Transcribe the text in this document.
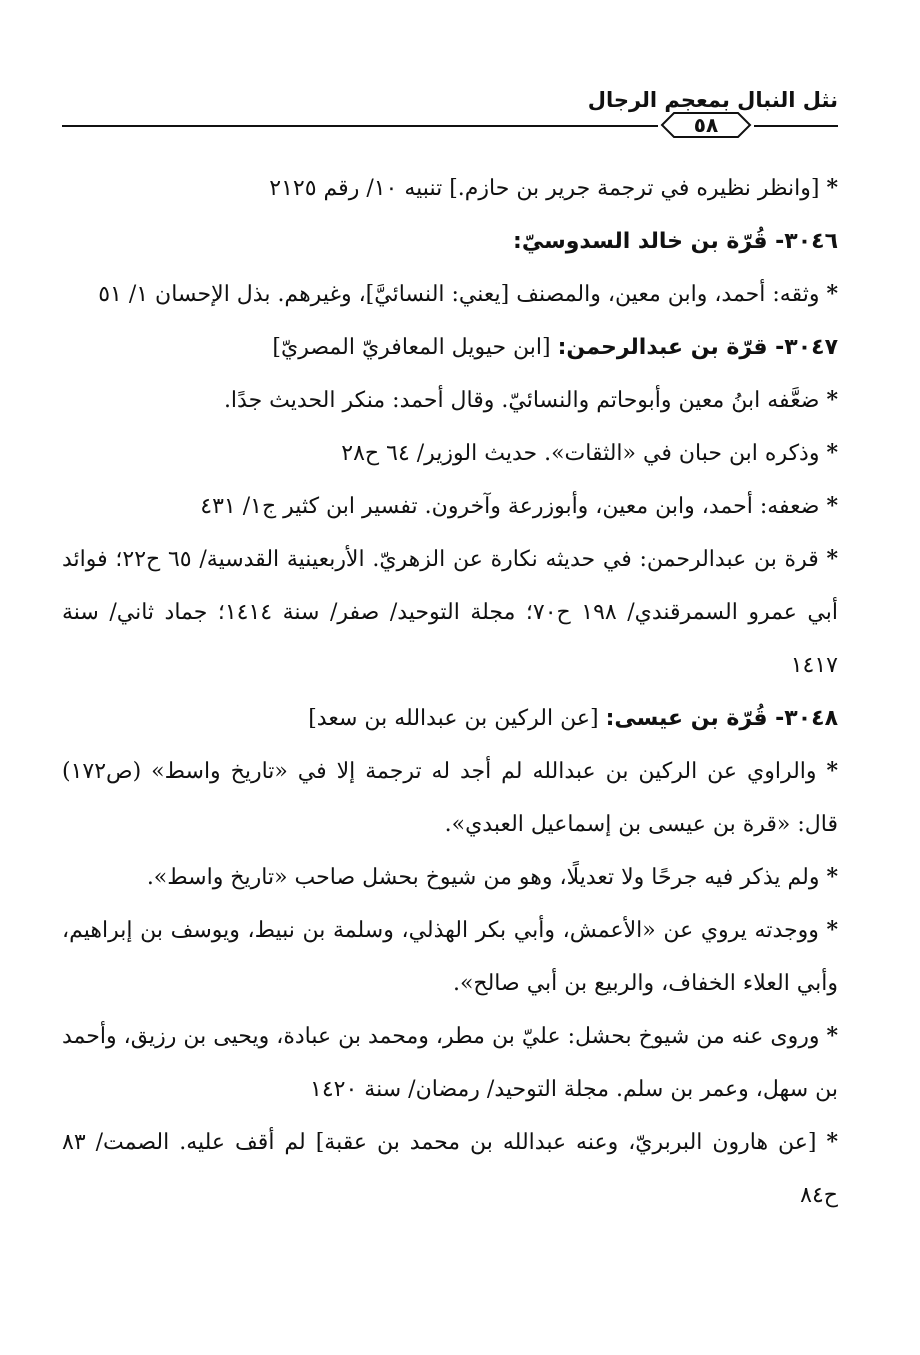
٥٨
نثل النبال بمعجم الرجال

* [وانظر نظيره في ترجمة جرير بن حازم.] تنبيه ١٠/ رقم ٢١٢٥

٣٠٤٦- قُرّة بن خالد السدوسيّ:

* وثقه: أحمد، وابن معين، والمصنف [يعني: النسائيَّ]، وغيرهم. بذل الإحسان ١/ ٥١

٣٠٤٧- قرّة بن عبدالرحمن: [ابن حيويل المعافريّ المصريّ]

* ضعَّفه ابنُ معين وأبوحاتم والنسائيّ. وقال أحمد: منكر الحديث جدًا.

* وذكره ابن حبان في «الثقات». حديث الوزير/ ٦٤ ح٢٨

* ضعفه: أحمد، وابن معين، وأبوزرعة وآخرون. تفسير ابن كثير ج١/ ٤٣١

* قرة بن عبدالرحمن: في حديثه نكارة عن الزهريّ. الأربعينية القدسية/ ٦٥ ح٢٢؛ فوائد أبي عمرو السمرقندي/ ١٩٨ ح٧٠؛ مجلة التوحيد/ صفر/ سنة ١٤١٤؛ جماد ثاني/ سنة ١٤١٧

٣٠٤٨- قُرّة بن عيسى: [عن الركين بن عبدالله بن سعد]

* والراوي عن الركين بن عبدالله لم أجد له ترجمة إلا في «تاريخ واسط» (ص١٧٢) قال: «قرة بن عيسى بن إسماعيل العبدي».

* ولم يذكر فيه جرحًا ولا تعديلًا، وهو من شيوخ بحشل صاحب «تاريخ واسط».

* ووجدته يروي عن «الأعمش، وأبي بكر الهذلي، وسلمة بن نبيط، ويوسف بن إبراهيم، وأبي العلاء الخفاف، والربيع بن أبي صالح».

* وروى عنه من شيوخ بحشل: عليّ بن مطر، ومحمد بن عبادة، ويحيى بن رزيق، وأحمد بن سهل، وعمر بن سلم. مجلة التوحيد/ رمضان/ سنة ١٤٢٠

* [عن هارون البربريّ، وعنه عبدالله بن محمد بن عقبة] لم أقف عليه. الصمت/ ٨٣ ح٨٤
